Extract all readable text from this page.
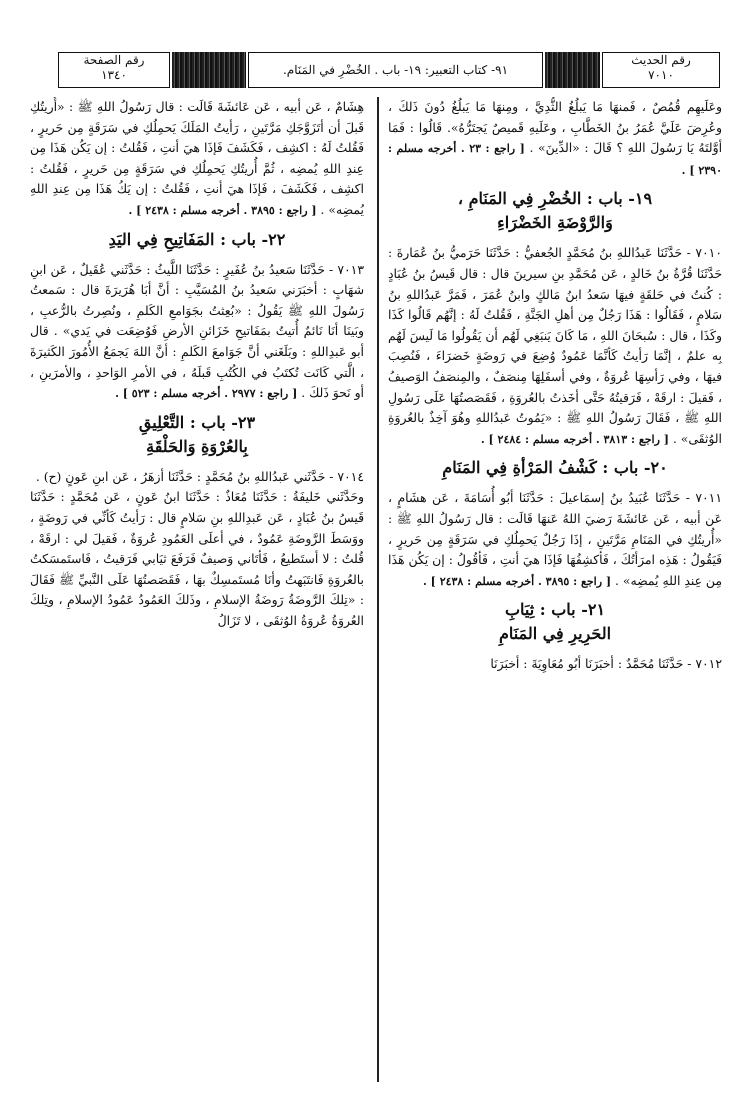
رقم الحديث
٧٠١٠
٩١- كتاب التعبير: ١٩- باب . الخُضْرِ في المَنَام.
رقم الصفحة
١٣٤٠

وعَلَيهِم قُمُصٌ ، فَمنهَا مَا يَبلُغُ الثُّدِيَّ ، ومِنهَا مَا يَبلُغُ دُونَ ذَلكَ ، وعُرِضَ عَلَيَّ عُمَرُ بنُ الخَطَّابِ ، وعَلَيهِ قَميصٌ يَجتَرُّهُ». قَالُوا : فَمَا أوَّلتَهُ يَا رَسُولَ اللهِ ؟ قَالَ : «الدِّينَ» . [ راجع : ٢٣ . أخرجه مسلم : ٢٣٩٠ ] .

١٩- باب : الخُضْرِ فِي المَنَامِ ،
وَالرَّوْضَةِ الخَضْرَاءِ

٧٠١٠ - حَدَّثَنَا عَبدُاللهِ بنُ مُحَمَّدٍ الجُعفيُّ : حَدَّثَنَا حَرَميُّ بنُ عُمَارةَ : حَدَّثَنَا قُرَّةُ بنُ خَالدٍ ، عَن مُحَمَّدِ بنِ سيرينَ قال : قال قَيسُ بنُ عُبَادٍ : كُنتُ في حَلقَةٍ فيهَا سَعدُ ابنُ مَالكٍ وابنُ عُمَرَ ، فَمَرَّ عَبدُاللهِ بنُ سَلامٍ ، فَقَالُوا : هَذَا رَجُلٌ مِن أهلِ الجَنَّةِ ، فَقُلتُ لَهُ : إنَّهُم قَالُوا كَذَا وكَذَا ، قال : سُبحَانَ اللهِ ، مَا كَانَ يَنبَغِي لَهُم أن يَقُولُوا مَا لَيسَ لَهُم بِه علمٌ ، إنَّمَا رَأيتُ كَأنَّمَا عَمُودٌ وُضِعَ في رَوضَةٍ خَضرَاءَ ، فَنُصِبَ فيهَا ، وفي رَأسِهَا عُروَةٌ ، وفي أسفَلِهَا مِنصَفٌ ، والمِنصَفُ الوَصيفُ ، فَقيلَ : ارقَهْ ، فَرَقيتُهُ حَتَّى أخَذتُ بالعُروَةِ ، فَقَصَصتُهَا عَلَى رَسُولِ اللهِ ﷺ ، فَقَالَ رَسُولُ اللهِ ﷺ : «يَمُوتُ عَبدُاللهِ وهُوَ آخِذٌ بالعُروَةِ الوُثقَى» . [ راجع : ٣٨١٣ . أخرجه مسلم : ٢٤٨٤ ] .

٢٠- باب : كَشْفُ المَرْأةِ فِي المَنَامِ

٧٠١١ - حَدَّثَنَا عُبَيدُ بنُ إسمَاعيلَ : حَدَّثَنَا أبُو أُسَامَةَ ، عَن هشَامٍ ، عَن أبيه ، عَن عَائشَةَ رَضيَ اللهُ عَنهَا قَالَت : قال رَسُولُ اللهِ ﷺ : «أُريتُكِ في المَنَامِ مَرَّتَينِ ، إذَا رَجُلٌ يَحمِلُكِ في سَرَقَةٍ مِن حَريرٍ ، فَيَقُولُ : هَذِه امرَأتُكَ ، فَأكشِفُهَا فَإذَا هيَ أنتِ ، فَأقُولُ : إن يَكُن هَذَا مِن عِندِ اللهِ يُمضِه» . [ راجع : ٣٨٩٥ . أخرجه مسلم : ٢٤٣٨ ] .

٢١- باب : ثِيَابِ
الحَرِيرِ فِي المَنَامِ

٧٠١٢ - حَدَّثَنَا مُحَمَّدٌ : أخبَرَنَا أبُو مُعَاوِيَةَ : أخبَرَنَا

هِشَامٌ ، عَن أبيه ، عَن عَائشَةَ قَالَت : قال رَسُولُ اللهِ ﷺ : «أُريتُكِ قَبلَ أن أتَزَوَّجَكِ مَرَّتَينِ ، رَأيتُ المَلَكَ يَحمِلُكِ في سَرَقَةٍ مِن حَريرٍ ، فَقُلتُ لَهُ : اكشِف ، فَكَشَفَ فَإذَا هيَ أنتِ ، فَقُلتُ : إن يَكُن هَذَا مِن عِندِ اللهِ يُمضِه ، ثُمَّ أُريتُكِ يَحمِلُكِ في سَرَقَةٍ مِن حَريرٍ ، فَقُلتُ : اكشِف ، فَكَشَفَ ، فَإذَا هيَ أنتِ ، فَقُلتُ : إن يَكُ هَذَا مِن عِندِ اللهِ يُمضِه» . [ راجع : ٣٨٩٥ . أخرجه مسلم : ٢٤٣٨ ] .

٢٢- باب : المَفَاتِيحِ فِي اليَدِ

٧٠١٣ - حَدَّثَنَا سَعيدُ بنُ عُفَيرٍ : حَدَّثَنَا اللَّيثُ : حَدَّثَني عُقَيلٌ ، عَن ابنِ شهَابٍ : أخبَرَني سَعيدُ بنُ المُسَيَّبِ : أنَّ أبَا هُرَيرَةَ قال : سَمعتُ رَسُولَ اللهِ ﷺ يَقُولُ : «بُعِثتُ بجَوَامعِ الكَلمِ ، ونُصِرتُ بالرُّعبِ ، وبَينَا أنَا نَائمٌ أُتيتُ بمَفَاتيحِ خَزَائنِ الأرضِ فَوُضِعَت في يَدي» . قال أبو عَبدِاللهِ : وبَلَغَني أنَّ جَوَامعَ الكَلمِ : أنَّ اللهَ يَجمَعُ الأُمُورَ الكَثيرَةَ ، الَّتي كَانَت تُكتَبُ في الكُتُبِ قَبلَهُ ، في الأمرِ الوَاحدِ ، والأمرَينِ ، أو نَحوَ ذَلكَ . [ راجع : ٢٩٧٧ . أخرجه مسلم : ٥٢٣ ] .

٢٣- باب : التَّعْلِيقِ
بِالعُرْوَةِ وَالحَلْقَةِ

٧٠١٤ - حَدَّثَني عَبدُاللهِ بنُ مُحَمَّدٍ : حَدَّثَنَا أزهَرُ ، عَن ابنِ عَونٍ (ح) .

وحَدَّثَني خَليفَةُ : حَدَّثَنَا مُعَاذٌ : حَدَّثَنَا ابنُ عَونٍ ، عَن مُحَمَّدٍ : حَدَّثَنَا قَيسُ بنُ عُبَادٍ ، عَن عَبدِاللهِ بنِ سَلامٍ قال : رَأيتُ كَأنِّي في رَوضَةٍ ، ووَسَطَ الرَّوضَةِ عَمُودٌ ، في أعلَى العَمُودِ عُروَةٌ ، فَقيلَ لي : ارقَهْ ، قُلتُ : لا أستَطيعُ ، فَأتَاني وَصيفٌ فَرَفَعَ ثيَابي فَرَقيتُ ، فَاستَمسَكتُ بالعُروَةِ فَانتَبَهتُ وأنَا مُستَمسِكٌ بهَا ، فَقَصَصتُهَا عَلَى النَّبيِّ ﷺ فَقَالَ : «تِلكَ الرَّوضَةُ رَوضَةُ الإسلامِ ، وذَلكَ العَمُودُ عَمُودُ الإسلامِ ، وتِلكَ العُروَةُ عُروَةُ الوُثقَى ، لا تَزَالُ
